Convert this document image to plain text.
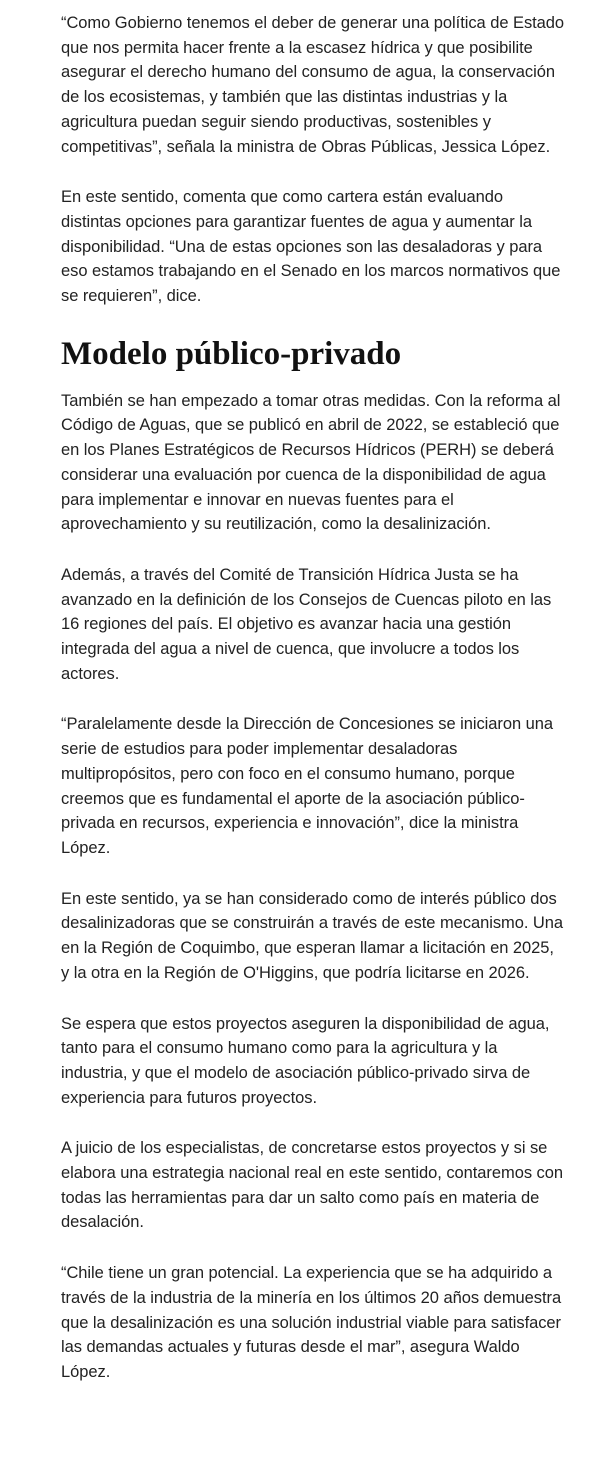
“Como Gobierno tenemos el deber de generar una política de Estado que nos permita hacer frente a la escasez hídrica y que posibilite asegurar el derecho humano del consumo de agua, la conservación de los ecosistemas, y también que las distintas industrias y la agricultura puedan seguir siendo productivas, sostenibles y competitivas”, señala la ministra de Obras Públicas, Jessica López.

En este sentido, comenta que como cartera están evaluando distintas opciones para garantizar fuentes de agua y aumentar la disponibilidad. “Una de estas opciones son las desaladoras y para eso estamos trabajando en el Senado en los marcos normativos que se requieren”, dice.

Modelo público-privado

También se han empezado a tomar otras medidas. Con la reforma al Código de Aguas, que se publicó en abril de 2022, se estableció que en los Planes Estratégicos de Recursos Hídricos (PERH) se deberá considerar una evaluación por cuenca de la disponibilidad de agua para implementar e innovar en nuevas fuentes para el aprovechamiento y su reutilización, como la desalinización.

Además, a través del Comité de Transición Hídrica Justa se ha avanzado en la definición de los Consejos de Cuencas piloto en las 16 regiones del país. El objetivo es avanzar hacia una gestión integrada del agua a nivel de cuenca, que involucre a todos los actores.

“Paralelamente desde la Dirección de Concesiones se iniciaron una serie de estudios para poder implementar desaladoras multipropósitos, pero con foco en el consumo humano, porque creemos que es fundamental el aporte de la asociación público-privada en recursos, experiencia e innovación”, dice la ministra López.

En este sentido, ya se han considerado como de interés público dos desalinizadoras que se construirán a través de este mecanismo. Una en la Región de Coquimbo, que esperan llamar a licitación en 2025, y la otra en la Región de O'Higgins, que podría licitarse en 2026.

Se espera que estos proyectos aseguren la disponibilidad de agua, tanto para el consumo humano como para la agricultura y la industria, y que el modelo de asociación público-privado sirva de experiencia para futuros proyectos.

A juicio de los especialistas, de concretarse estos proyectos y si se elabora una estrategia nacional real en este sentido, contaremos con todas las herramientas para dar un salto como país en materia de desalación.

“Chile tiene un gran potencial. La experiencia que se ha adquirido a través de la industria de la minería en los últimos 20 años demuestra que la desalinización es una solución industrial viable para satisfacer las demandas actuales y futuras desde el mar”, asegura Waldo López.
